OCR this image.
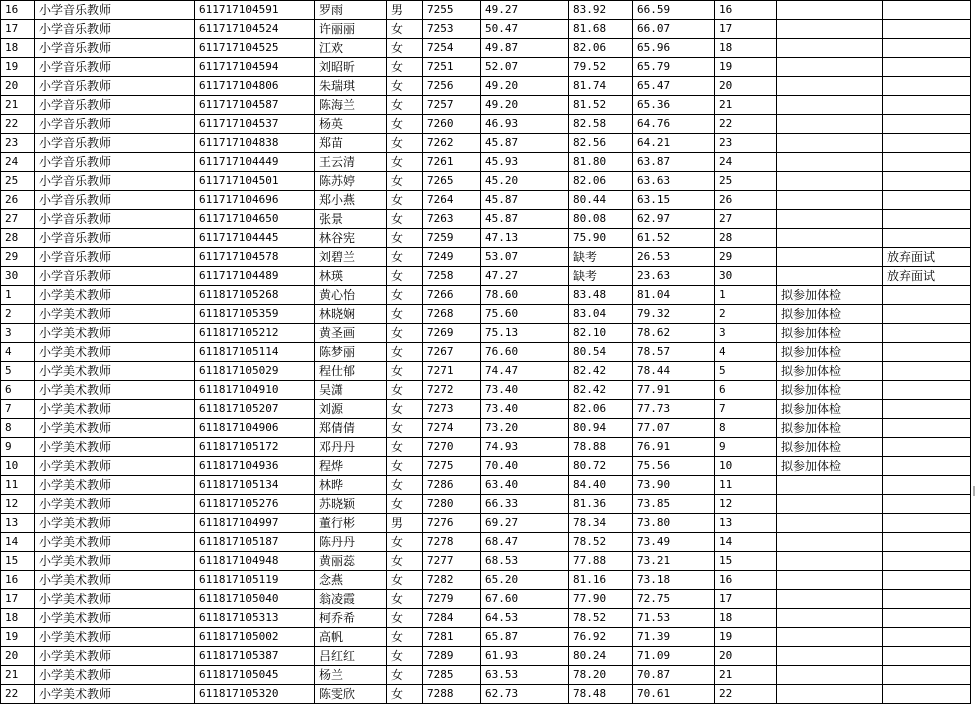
16	小学音乐教师	611717104591	罗雨	男	7255	49.27	83.92	66.59	16		
17	小学音乐教师	611717104524	许丽丽	女	7253	50.47	81.68	66.07	17		
18	小学音乐教师	611717104525	江欢	女	7254	49.87	82.06	65.96	18		
19	小学音乐教师	611717104594	刘昭昕	女	7251	52.07	79.52	65.79	19		
20	小学音乐教师	611717104806	朱瑞琪	女	7256	49.20	81.74	65.47	20		
21	小学音乐教师	611717104587	陈海兰	女	7257	49.20	81.52	65.36	21		
22	小学音乐教师	611717104537	杨英	女	7260	46.93	82.58	64.76	22		
23	小学音乐教师	611717104838	郑苗	女	7262	45.87	82.56	64.21	23		
24	小学音乐教师	611717104449	王云清	女	7261	45.93	81.80	63.87	24		
25	小学音乐教师	611717104501	陈苏婷	女	7265	45.20	82.06	63.63	25		
26	小学音乐教师	611717104696	郑小燕	女	7264	45.87	80.44	63.15	26		
27	小学音乐教师	611717104650	张景	女	7263	45.87	80.08	62.97	27		
28	小学音乐教师	611717104445	林谷宪	女	7259	47.13	75.90	61.52	28		
29	小学音乐教师	611717104578	刘碧兰	女	7249	53.07	缺考	26.53	29		放弃面试
30	小学音乐教师	611717104489	林瑛	女	7258	47.27	缺考	23.63	30		放弃面试
1	小学美术教师	611817105268	黄心怡	女	7266	78.60	83.48	81.04	1	拟参加体检	
2	小学美术教师	611817105359	林晓娴	女	7268	75.60	83.04	79.32	2	拟参加体检	
3	小学美术教师	611817105212	黄圣画	女	7269	75.13	82.10	78.62	3	拟参加体检	
4	小学美术教师	611817105114	陈梦丽	女	7267	76.60	80.54	78.57	4	拟参加体检	
5	小学美术教师	611817105029	程仕郁	女	7271	74.47	82.42	78.44	5	拟参加体检	
6	小学美术教师	611817104910	吴潇	女	7272	73.40	82.42	77.91	6	拟参加体检	
7	小学美术教师	611817105207	刘源	女	7273	73.40	82.06	77.73	7	拟参加体检	
8	小学美术教师	611817104906	郑倩倩	女	7274	73.20	80.94	77.07	8	拟参加体检	
9	小学美术教师	611817105172	邓丹丹	女	7270	74.93	78.88	76.91	9	拟参加体检	
10	小学美术教师	611817104936	程烨	女	7275	70.40	80.72	75.56	10	拟参加体检	
11	小学美术教师	611817105134	林晔	女	7286	63.40	84.40	73.90	11		
12	小学美术教师	611817105276	苏晓颖	女	7280	66.33	81.36	73.85	12		
13	小学美术教师	611817104997	董行彬	男	7276	69.27	78.34	73.80	13		
14	小学美术教师	611817105187	陈丹丹	女	7278	68.47	78.52	73.49	14		
15	小学美术教师	611817104948	黄丽蕊	女	7277	68.53	77.88	73.21	15		
16	小学美术教师	611817105119	念燕	女	7282	65.20	81.16	73.18	16		
17	小学美术教师	611817105040	翁凌霞	女	7279	67.60	77.90	72.75	17		
18	小学美术教师	611817105313	柯乔希	女	7284	64.53	78.52	71.53	18		
19	小学美术教师	611817105002	高帆	女	7281	65.87	76.92	71.39	19		
20	小学美术教师	611817105387	吕红红	女	7289	61.93	80.24	71.09	20		
21	小学美术教师	611817105045	杨兰	女	7285	63.53	78.20	70.87	21		
22	小学美术教师	611817105320	陈雯欣	女	7288	62.73	78.48	70.61	22		
